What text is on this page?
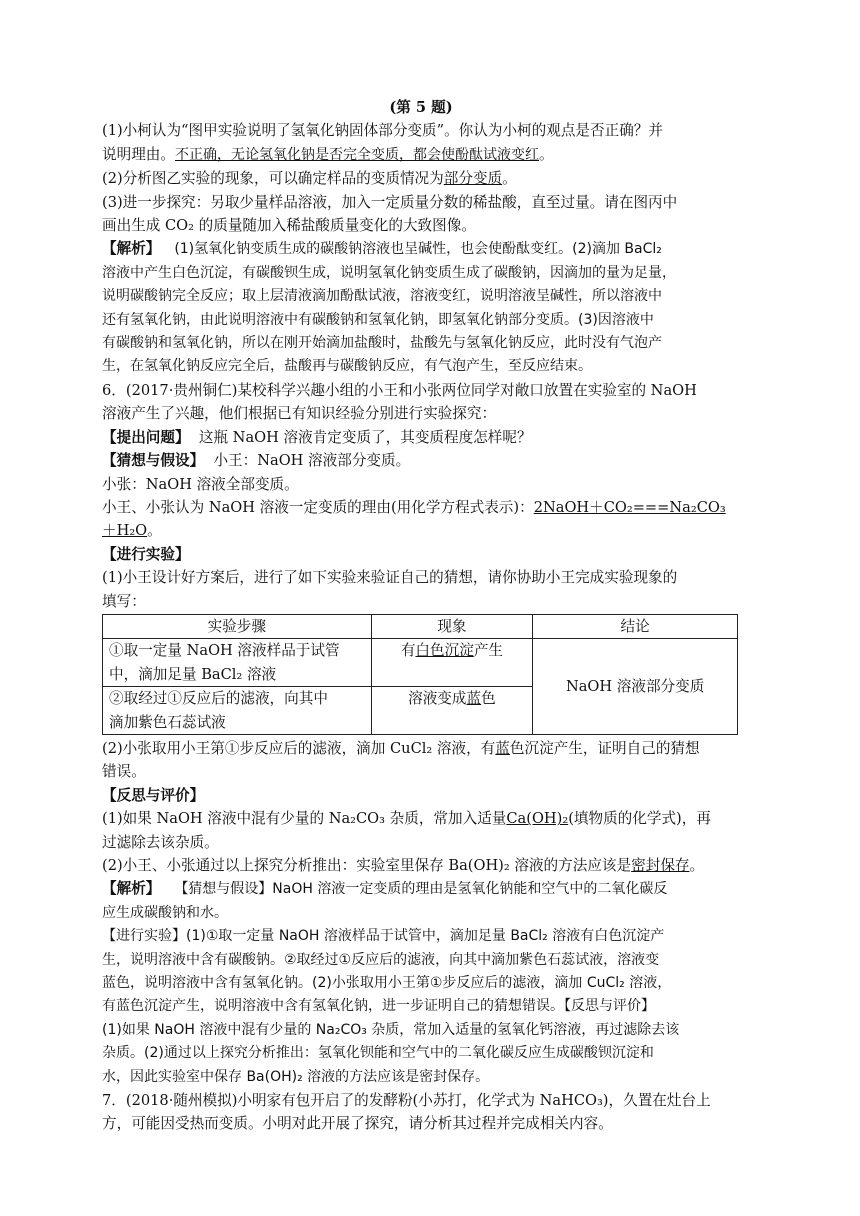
(第 5 题)
(1)小柯认为“图甲实验说明了氢氧化钠固体部分变质”。你认为小柯的观点是否正确？并
说明理由。不正确，无论氢氧化钠是否完全变质，都会使酚酞试液变红。
(2)分析图乙实验的现象，可以确定样品的变质情况为部分变质。
(3)进一步探究：另取少量样品溶液，加入一定质量分数的稀盐酸，直至过量。请在图丙中
画出生成 CO₂ 的质量随加入稀盐酸质量变化的大致图像。
【解析】 (1)氢氧化钠变质生成的碳酸钠溶液也呈碱性，也会使酚酞变红。(2)滴加 BaCl₂
溶液中产生白色沉淀，有碳酸钡生成，说明氢氧化钠变质生成了碳酸钠，因滴加的量为足量，
说明碳酸钠完全反应；取上层清液滴加酚酞试液，溶液变红，说明溶液呈碱性，所以溶液中
还有氢氧化钠，由此说明溶液中有碳酸钠和氢氧化钠，即氢氧化钠部分变质。(3)因溶液中
有碳酸钠和氢氧化钠，所以在刚开始滴加盐酸时，盐酸先与氢氧化钠反应，此时没有气泡产
生，在氢氧化钠反应完全后，盐酸再与碳酸钠反应，有气泡产生，至反应结束。
6．(2017·贵州铜仁)某校科学兴趣小组的小王和小张两位同学对敞口放置在实验室的 NaOH
溶液产生了兴趣，他们根据已有知识经验分别进行实验探究：
【提出问题】 这瓶 NaOH 溶液肯定变质了，其变质程度怎样呢？
【猜想与假设】 小王：NaOH 溶液部分变质。
小张：NaOH 溶液全部变质。
小王、小张认为 NaOH 溶液一定变质的理由(用化学方程式表示)：2NaOH＋CO₂===Na₂CO₃
＋H₂O。
【进行实验】
(1)小王设计好方案后，进行了如下实验来验证自己的猜想，请你协助小王完成实验现象的
填写：
实验步骤	现象	结论

①取一定量 NaOH 溶液样品于试管
中，滴加足量 BaCl₂ 溶液	有白色沉淀产生	NaOH 溶液部分变质

②取经过①反应后的滤液，向其中
滴加紫色石蕊试液	溶液变成蓝色	

(2)小张取用小王第①步反应后的滤液，滴加 CuCl₂ 溶液，有蓝色沉淀产生，证明自己的猜想
错误。
【反思与评价】
(1)如果 NaOH 溶液中混有少量的 Na₂CO₃ 杂质，常加入适量Ca(OH)₂(填物质的化学式)，再
过滤除去该杂质。
(2)小王、小张通过以上探究分析推出：实验室里保存 Ba(OH)₂ 溶液的方法应该是密封保存。
【解析】 【猜想与假设】NaOH 溶液一定变质的理由是氢氧化钠能和空气中的二氧化碳反
应生成碳酸钠和水。
【进行实验】(1)①取一定量 NaOH 溶液样品于试管中，滴加足量 BaCl₂ 溶液有白色沉淀产
生，说明溶液中含有碳酸钠。②取经过①反应后的滤液，向其中滴加紫色石蕊试液，溶液变
蓝色，说明溶液中含有氢氧化钠。(2)小张取用小王第①步反应后的滤液，滴加 CuCl₂ 溶液，
有蓝色沉淀产生，说明溶液中含有氢氧化钠，进一步证明自己的猜想错误。【反思与评价】
(1)如果 NaOH 溶液中混有少量的 Na₂CO₃ 杂质，常加入适量的氢氧化钙溶液，再过滤除去该
杂质。(2)通过以上探究分析推出：氢氧化钡能和空气中的二氧化碳反应生成碳酸钡沉淀和
水，因此实验室中保存 Ba(OH)₂ 溶液的方法应该是密封保存。
7．(2018·随州模拟)小明家有包开启了的发酵粉(小苏打，化学式为 NaHCO₃)，久置在灶台上
方，可能因受热而变质。小明对此开展了探究，请分析其过程并完成相关内容。
